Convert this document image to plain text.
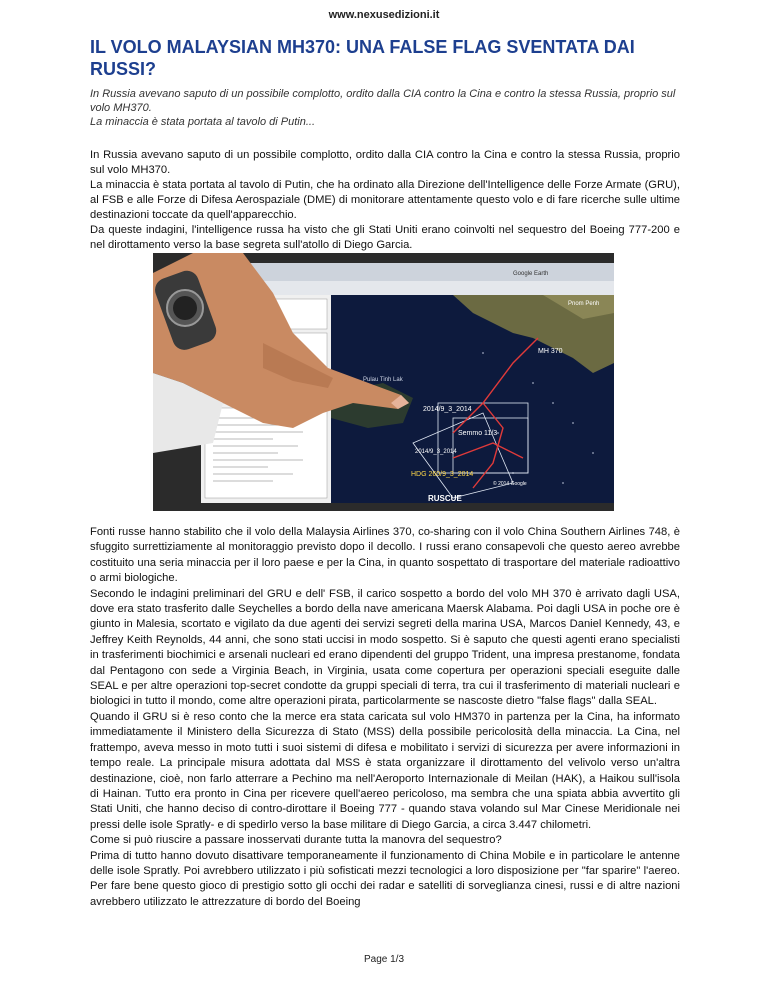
www.nexusedizioni.it
IL VOLO MALAYSIAN MH370: UNA FALSE FLAG SVENTATA DAI RUSSI?

In Russia avevano saputo di un possibile complotto, ordito dalla CIA contro la Cina e contro la stessa Russia, proprio sul volo MH370.
La minaccia è stata portata al tavolo di Putin...

In Russia avevano saputo di un possibile complotto, ordito dalla CIA contro la Cina e contro la stessa Russia, proprio sul volo MH370.
La minaccia è stata portata al tavolo di Putin, che ha ordinato alla Direzione dell'Intelligence delle Forze Armate (GRU), al FSB e alle Forze di Difesa Aerospaziale (DME) di monitorare attentamente questo volo e di fare ricerche sulle ultime destinazioni toccate da quell'apparecchio.
Da queste indagini, l'intelligence russa ha visto che gli Stati Uniti erano coinvolti nel sequestro del Boeing 777-200 e nel dirottamento verso la base segreta sull'atollo di Diego Garcia.
Google Earth
2014/9_3_2014
Semmo 11/3
2014/9_3_2014
HDG 260/9_3_2014
RUSCUE
MH 370
Pulau Tinh Lak
Pnom Penh
© 2014 Google
Fonti russe hanno stabilito che il volo della Malaysia Airlines 370, co-sharing con il volo China Southern Airlines 748, è sfuggito surrettiziamente al monitoraggio previsto dopo il decollo. I russi erano consapevoli che questo aereo avrebbe costituito una seria minaccia per il loro paese e per la Cina, in quanto sospettato di trasportare del materiale radioattivo o armi biologiche.
Secondo le indagini preliminari del GRU e dell' FSB, il carico sospetto a bordo del volo MH 370 è arrivato dagli USA, dove era stato trasferito dalle Seychelles a bordo della nave americana Maersk Alabama. Poi dagli USA in poche ore è giunto in Malesia, scortato e vigilato da due agenti dei servizi segreti della marina USA, Marcos Daniel Kennedy, 43, e Jeffrey Keith Reynolds, 44 anni, che sono stati uccisi in modo sospetto. Si è saputo che questi agenti erano specialisti in trasferimenti biochimici e arsenali nucleari ed erano dipendenti del gruppo Trident, una impresa prestanome, fondata dal Pentagono con sede a Virginia Beach, in Virginia, usata come copertura per operazioni speciali eseguite dalle SEAL e per altre operazioni top-secret condotte da gruppi speciali di terra, tra cui il trasferimento di materiali nucleari e biologici in tutto il mondo, come altre operazioni pirata, particolarmente se nascoste dietro "false flags" dalla SEAL.
Quando il GRU si è reso conto che la merce era stata caricata sul volo HM370 in partenza per la Cina, ha informato immediatamente il Ministero della Sicurezza di Stato (MSS) della possibile pericolosità della minaccia. La Cina, nel frattempo, aveva messo in moto tutti i suoi sistemi di difesa e mobilitato i servizi di sicurezza per avere informazioni in tempo reale. La principale misura adottata dal MSS è stata organizzare il dirottamento del velivolo verso un'altra destinazione, cioè, non farlo atterrare a Pechino ma nell'Aeroporto Internazionale di Meilan (HAK), a Haikou sull'isola di Hainan. Tutto era pronto in Cina per ricevere quell'aereo pericoloso, ma sembra che una spiata abbia avvertito gli Stati Uniti, che hanno deciso di contro-dirottare il Boeing 777 - quando stava volando sul Mar Cinese Meridionale nei pressi delle isole Spratly- e di spedirlo verso la base militare di Diego Garcia, a circa 3.447 chilometri.
Come si può riuscire a passare inosservati durante tutta la manovra del sequestro?
Prima di tutto hanno dovuto disattivare temporaneamente il funzionamento di China Mobile e in particolare le antenne delle isole Spratly. Poi avrebbero utilizzato i più sofisticati mezzi tecnologici a loro disposizione per "far sparire" l'aereo. Per fare bene questo gioco di prestigio sotto gli occhi dei radar e satelliti di sorveglianza cinesi, russi e di altre nazioni avrebbero utilizzato le attrezzature di bordo del Boeing
Page 1/3
